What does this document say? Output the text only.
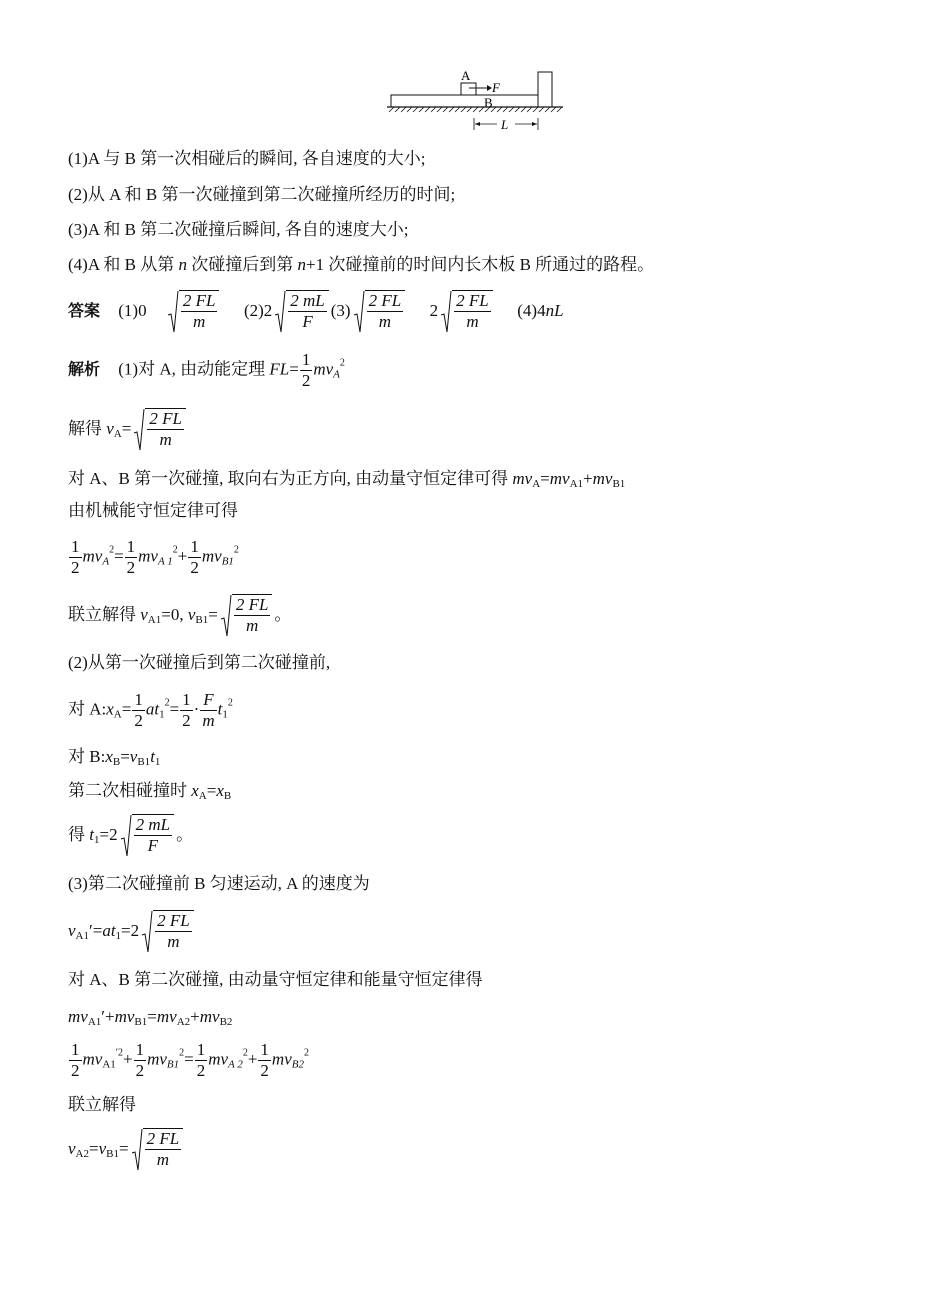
A
F
B
L
(1)A 与 B 第一次相碰后的瞬间, 各自速度的大小;
(2)从 A 和 B 第一次碰撞到第二次碰撞所经历的时间;
(3)A 和 B 第二次碰撞后瞬间, 各自的速度大小;
(4)A 和 B 从第 n 次碰撞后到第 n+1 次碰撞前的时间内长木板 B 所通过的路程。
答案 $(1)0 \frac{2 FL}{m} (2)2 \frac{2 mL}{F} (3) \frac{2 FL}{m} 2 \frac{2 FL}{m} (4)4nL$
解析 (1)对 A, 由动能定理 $FL= \frac{1}{2} mv_A^2$
解得 $v_A= \frac{2 FL}{m}$
对 A、B 第一次碰撞, 取向右为正方向, 由动量守恒定律可得 $mv_A=mv_{A1}+mv_{B1}$
由机械能守恒定律可得
$\frac{1}{2} mv_A^2= \frac{1}{2} mv_{A 1}^2+ \frac{1}{2} mv_{B1}^2$
联立解得 $v_{A1}=0$, $v_{B1}= \frac{2 FL}{m}$ 。
(2)从第一次碰撞后到第二次碰撞前,
对 $A:x_A= \frac{1}{2} at_1^2= \frac{1}{2} \cdot \frac{F}{m} t_1^2$
对 $B:x_B=v_{B1}t_1$
第二次相碰撞时 $x_A=x_B$
得 $t_1=2 \frac{2 mL}{F}$ 。
(3)第二次碰撞前 B 匀速运动, A 的速度为
$v_{A1}'=at_1=2 \frac{2 FL}{m}$
对 A、B 第二次碰撞, 由动量守恒定律和能量守恒定律得
$mv_{A1}'+mv_{B1}=mv_{A2}+mv_{B2}$
$\frac{1}{2} mv_{A1}^{'2}+ \frac{1}{2} mv_{B1}^2= \frac{1}{2} mv_{A 2}^2+ \frac{1}{2} mv_{B2}^2$
联立解得
$v_{A2}=v_{B1}= \frac{2 FL}{m}$
